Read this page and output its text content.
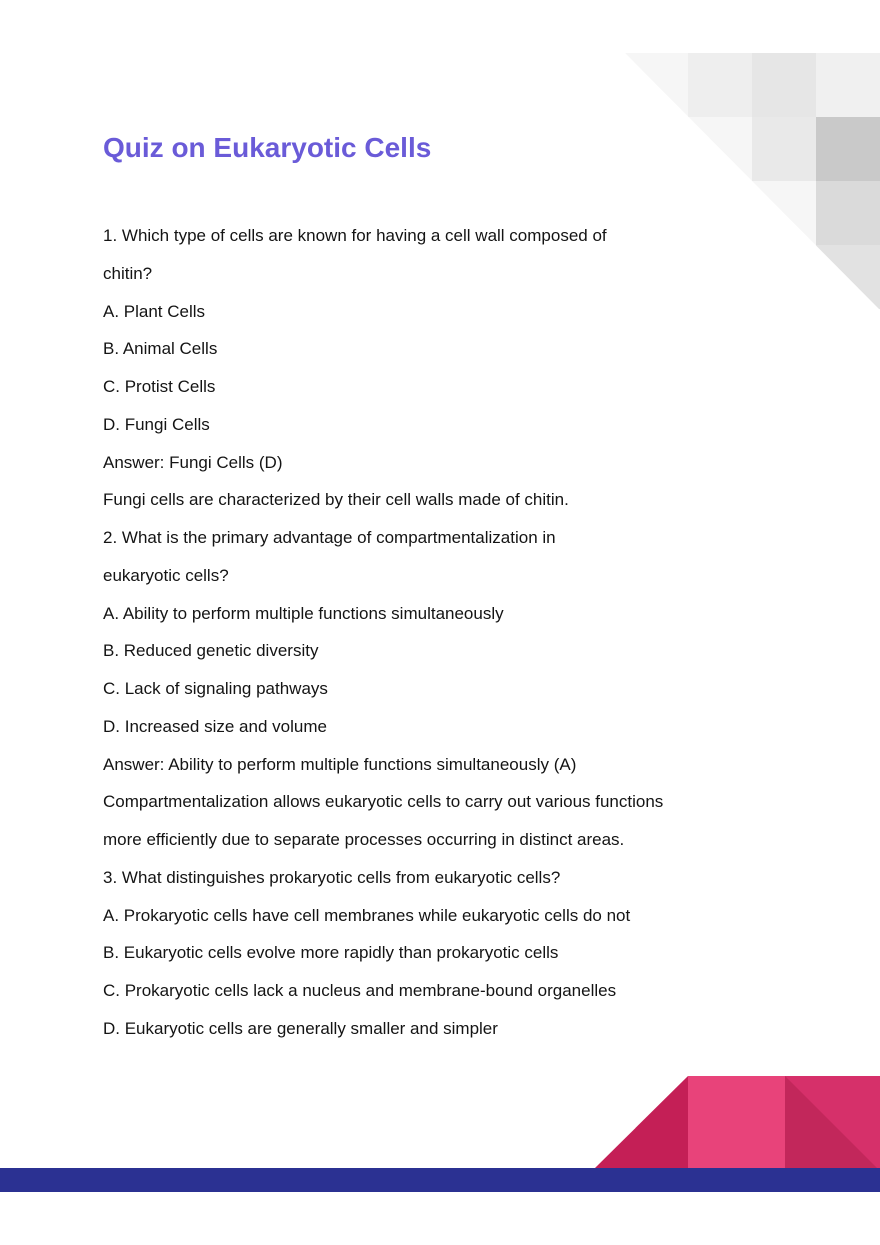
Quiz on Eukaryotic Cells
1. Which type of cells are known for having a cell wall composed of
chitin?
A. Plant Cells
B. Animal Cells
C. Protist Cells
D. Fungi Cells
Answer: Fungi Cells (D)
Fungi cells are characterized by their cell walls made of chitin.
2. What is the primary advantage of compartmentalization in
eukaryotic cells?
A. Ability to perform multiple functions simultaneously
B. Reduced genetic diversity
C. Lack of signaling pathways
D. Increased size and volume
Answer: Ability to perform multiple functions simultaneously (A)
Compartmentalization allows eukaryotic cells to carry out various functions
more efficiently due to separate processes occurring in distinct areas.
3. What distinguishes prokaryotic cells from eukaryotic cells?
A. Prokaryotic cells have cell membranes while eukaryotic cells do not
B. Eukaryotic cells evolve more rapidly than prokaryotic cells
C. Prokaryotic cells lack a nucleus and membrane-bound organelles
D. Eukaryotic cells are generally smaller and simpler
